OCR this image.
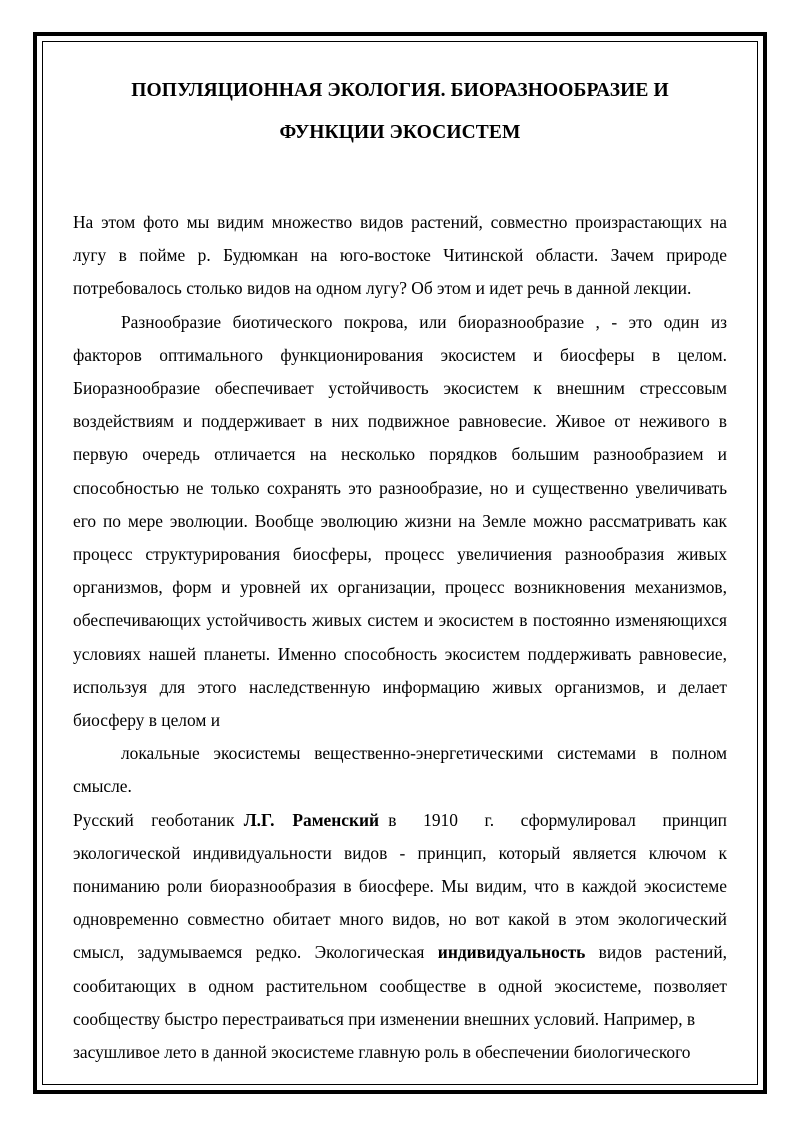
ПОПУЛЯЦИОННАЯ ЭКОЛОГИЯ. БИОРАЗНООБРАЗИЕ И ФУНКЦИИ ЭКОСИСТЕМ

На этом фото мы видим множество видов растений, совместно произрастающих на лугу в пойме р. Будюмкан на юго-востоке Читинской области. Зачем природе потребовалось столько видов на одном лугу? Об этом и идет речь в данной лекции.

Разнообразие биотического покрова, или биоразнообразие , - это один из факторов оптимального функционирования экосистем и биосферы в целом. Биоразнообразие обеспечивает устойчивость экосистем к внешним стрессовым воздействиям и поддерживает в них подвижное равновесие. Живое от неживого в первую очередь отличается на несколько порядков большим разнообразием и способностью не только сохранять это разнообразие, но и существенно увеличивать его по мере эволюции. Вообще эволюцию жизни на Земле можно рассматривать как процесс структурирования биосферы, процесс увеличиения разнообразия живых организмов, форм и уровней их организации, процесс возникновения механизмов, обеспечивающих устойчивость живых систем и экосистем в постоянно изменяющихся условиях нашей планеты. Именно способность экосистем поддерживать равновесие, используя для этого наследственную информацию живых организмов, и делает биосферу в целом и
локальные экосистемы вещественно-энергетическими системами в полном смысле.

Русский геоботаник Л.Г.  Раменский в  1910  г.  сформулировал  принцип экологической индивидуальности видов - принцип, который является ключом к пониманию роли биоразнообразия в биосфере. Мы видим, что в каждой экосистеме одновременно совместно обитает много видов, но вот какой в этом экологический смысл, задумываемся редко. Экологическая индивидуальность видов растений, сообитающих в одном растительном сообществе в одной экосистеме, позволяет сообществу быстро перестраиваться при изменении внешних условий. Например, в
засушливое лето в данной экосистеме главную роль в обеспечении биологического
